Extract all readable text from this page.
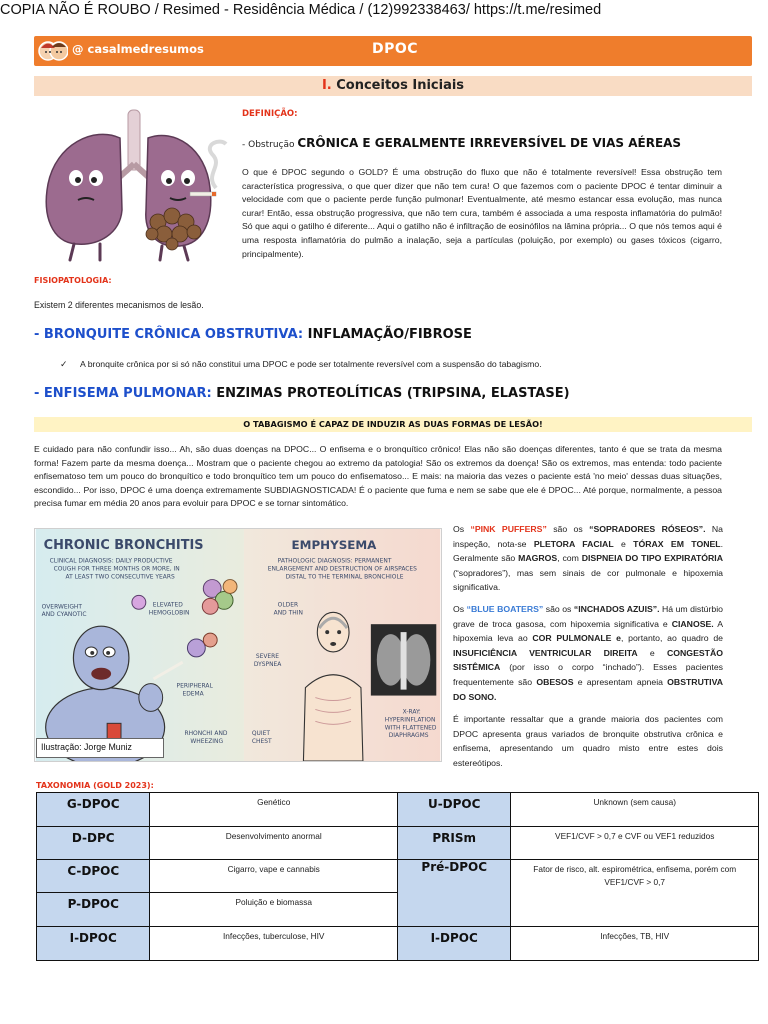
COPIA NÃO É ROUBO / Resimed - Residência Médica / (12)992338463/ https://t.me/resimed
@ casalmedresumos	DPOC
I. Conceitos Iniciais
DEFINIÇÃO:
- Obstrução CRÔNICA E GERALMENTE IRREVERSÍVEL DE VIAS AÉREAS
O que é DPOC segundo o GOLD? É uma obstrução do fluxo que não é totalmente reversível! Essa obstrução tem característica progressiva, o que quer dizer que não tem cura! O que fazemos com o paciente DPOC é tentar diminuir a velocidade com que o paciente perde função pulmonar! Eventualmente, até mesmo estancar essa evolução, mas nunca curar! Então, essa obstrução progressiva, que não tem cura, também é associada a uma resposta inflamatória do pulmão! Só que aqui o gatilho é diferente... Aqui o gatilho não é infiltração de eosinófilos na lâmina própria... O que nós temos aqui é uma resposta inflamatória do pulmão a inalação, seja a partículas (poluição, por exemplo) ou gases tóxicos (cigarro, principalmente).
FISIOPATOLOGIA:
Existem 2 diferentes mecanismos de lesão.
- BRONQUITE CRÔNICA OBSTRUTIVA: INFLAMAÇÃO/FIBROSE
✓ A bronquite crônica por si só não constitui uma DPOC e pode ser totalmente reversível com a suspensão do tabagismo.
- ENFISEMA PULMONAR: ENZIMAS PROTEOLÍTICAS (TRIPSINA, ELASTASE)
O TABAGISMO É CAPAZ DE INDUZIR AS DUAS FORMAS DE LESÃO!
E cuidado para não confundir isso... Ah, são duas doenças na DPOC... O enfisema e o bronquítico crônico! Elas não são doenças diferentes, tanto é que se trata da mesma forma! Fazem parte da mesma doença... Mostram que o paciente chegou ao extremo da patologia! São os extremos da doença! São os extremos, mas entenda: todo paciente enfisematoso tem um pouco do bronquítico e todo bronquítico tem um pouco do enfisematoso... E mais: na maioria das vezes o paciente está 'no meio' dessas duas situações, escondido... Por isso, DPOC é uma doença extremamente SUBDIAGNOSTICADA! É o paciente que fuma e nem se sabe que ele é DPOC... Até porque, normalmente, a pessoa precisa fumar em média 20 anos para evoluir para DPOC e se tornar sintomático.
CHRONIC BRONCHITIS
CLINICAL DIAGNOSIS: DAILY PRODUCTIVE
COUGH FOR THREE MONTHS OR MORE, IN
AT LEAST TWO CONSECUTIVE YEARS
OVERWEIGHT
AND CYANOTIC
ELEVATED
HEMOGLOBIN
PERIPHERAL
EDEMA
RHONCHI AND
WHEEZING
EMPHYSEMA
PATHOLOGIC DIAGNOSIS: PERMANENT
ENLARGEMENT AND DESTRUCTION OF AIRSPACES
DISTAL TO THE TERMINAL BRONCHIOLE
OLDER
AND THIN
SEVERE
DYSPNEA
QUIET
CHEST
X-RAY:
HYPERINFLATION
WITH FLATTENED
DIAPHRAGMS
Ilustração: Jorge Muniz
Os “PINK PUFFERS” são os “SOPRADORES RÓSEOS”. Na inspeção, nota-se PLETORA FACIAL e TÓRAX EM TONEL. Geralmente são MAGROS, com DISPNEIA DO TIPO EXPIRATÓRIA (“sopradores”), mas sem sinais de cor pulmonale e hipoxemia significativa.
Os “BLUE BOATERS” são os “INCHADOS AZUIS”. Há um distúrbio grave de troca gasosa, com hipoxemia significativa e CIANOSE. A hipoxemia leva ao COR PULMONALE e, portanto, ao quadro de INSUFICIÊNCIA VENTRICULAR DIREITA e CONGESTÃO SISTÊMICA (por isso o corpo “inchado”). Esses pacientes frequentemente são OBESOS e apresentam apneia OBSTRUTIVA DO SONO.
É importante ressaltar que a grande maioria dos pacientes com DPOC apresenta graus variados de bronquite obstrutiva crônica e enfisema, apresentando um quadro misto entre estes dois estereótipos.
TAXONOMIA (GOLD 2023):
G-DPOC	Genético	U-DPOC	Unknown (sem causa)
D-DPC	Desenvolvimento anormal	PRISm	VEF1/CVF > 0,7 e CVF ou VEF1 reduzidos
C-DPOC	Cigarro, vape e cannabis	Pré-DPOC	Fator de risco, alt. espirométrica, enfisema, porém com VEF1/CVF > 0,7
P-DPOC	Poluição e biomassa		
I-DPOC	Infecções, tuberculose, HIV	I-DPOC	Infecções, TB, HIV
